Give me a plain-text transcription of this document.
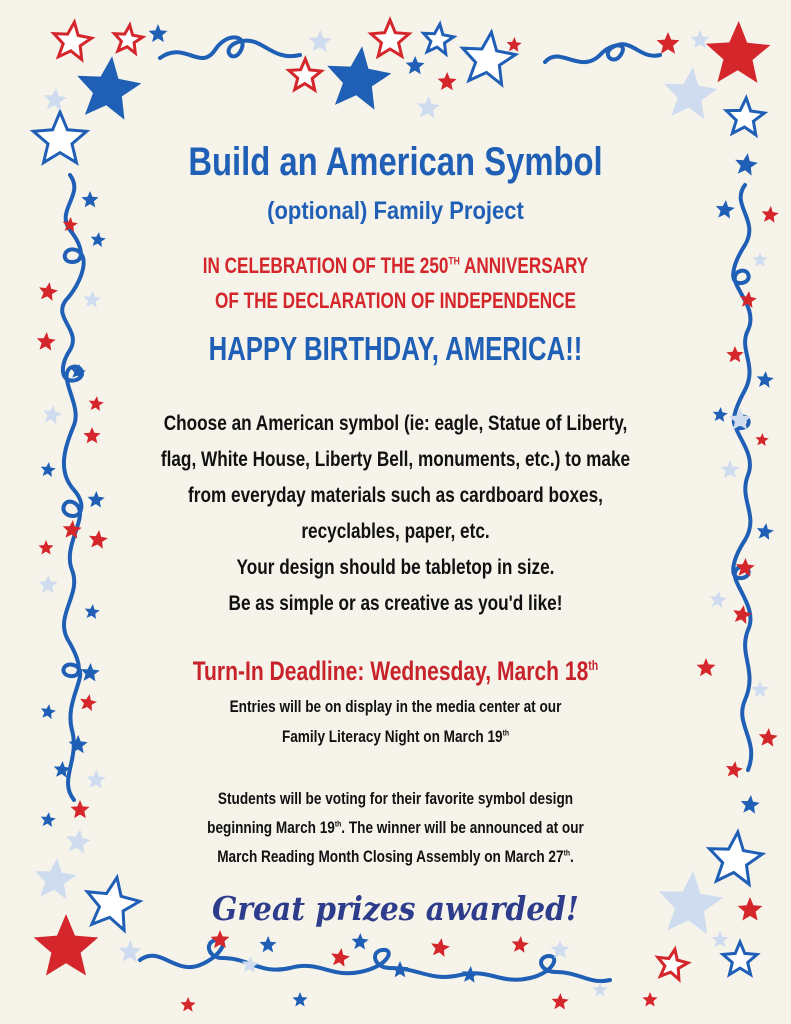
Build an American Symbol
(optional) Family Project
IN CELEBRATION OF THE 250TH ANNIVERSARY
OF THE DECLARATION OF INDEPENDENCE
HAPPY BIRTHDAY, AMERICA!!
Choose an American symbol (ie: eagle, Statue of Liberty,
flag, White House, Liberty Bell, monuments, etc.) to make
from everyday materials such as cardboard boxes,
recyclables, paper, etc.
Your design should be tabletop in size.
Be as simple or as creative as you'd like!
Turn-In Deadline: Wednesday, March 18th
Entries will be on display in the media center at our
Family Literacy Night on March 19th
Students will be voting for their favorite symbol design
beginning March 19th. The winner will be announced at our
March Reading Month Closing Assembly on March 27th.
Great prizes awarded!
